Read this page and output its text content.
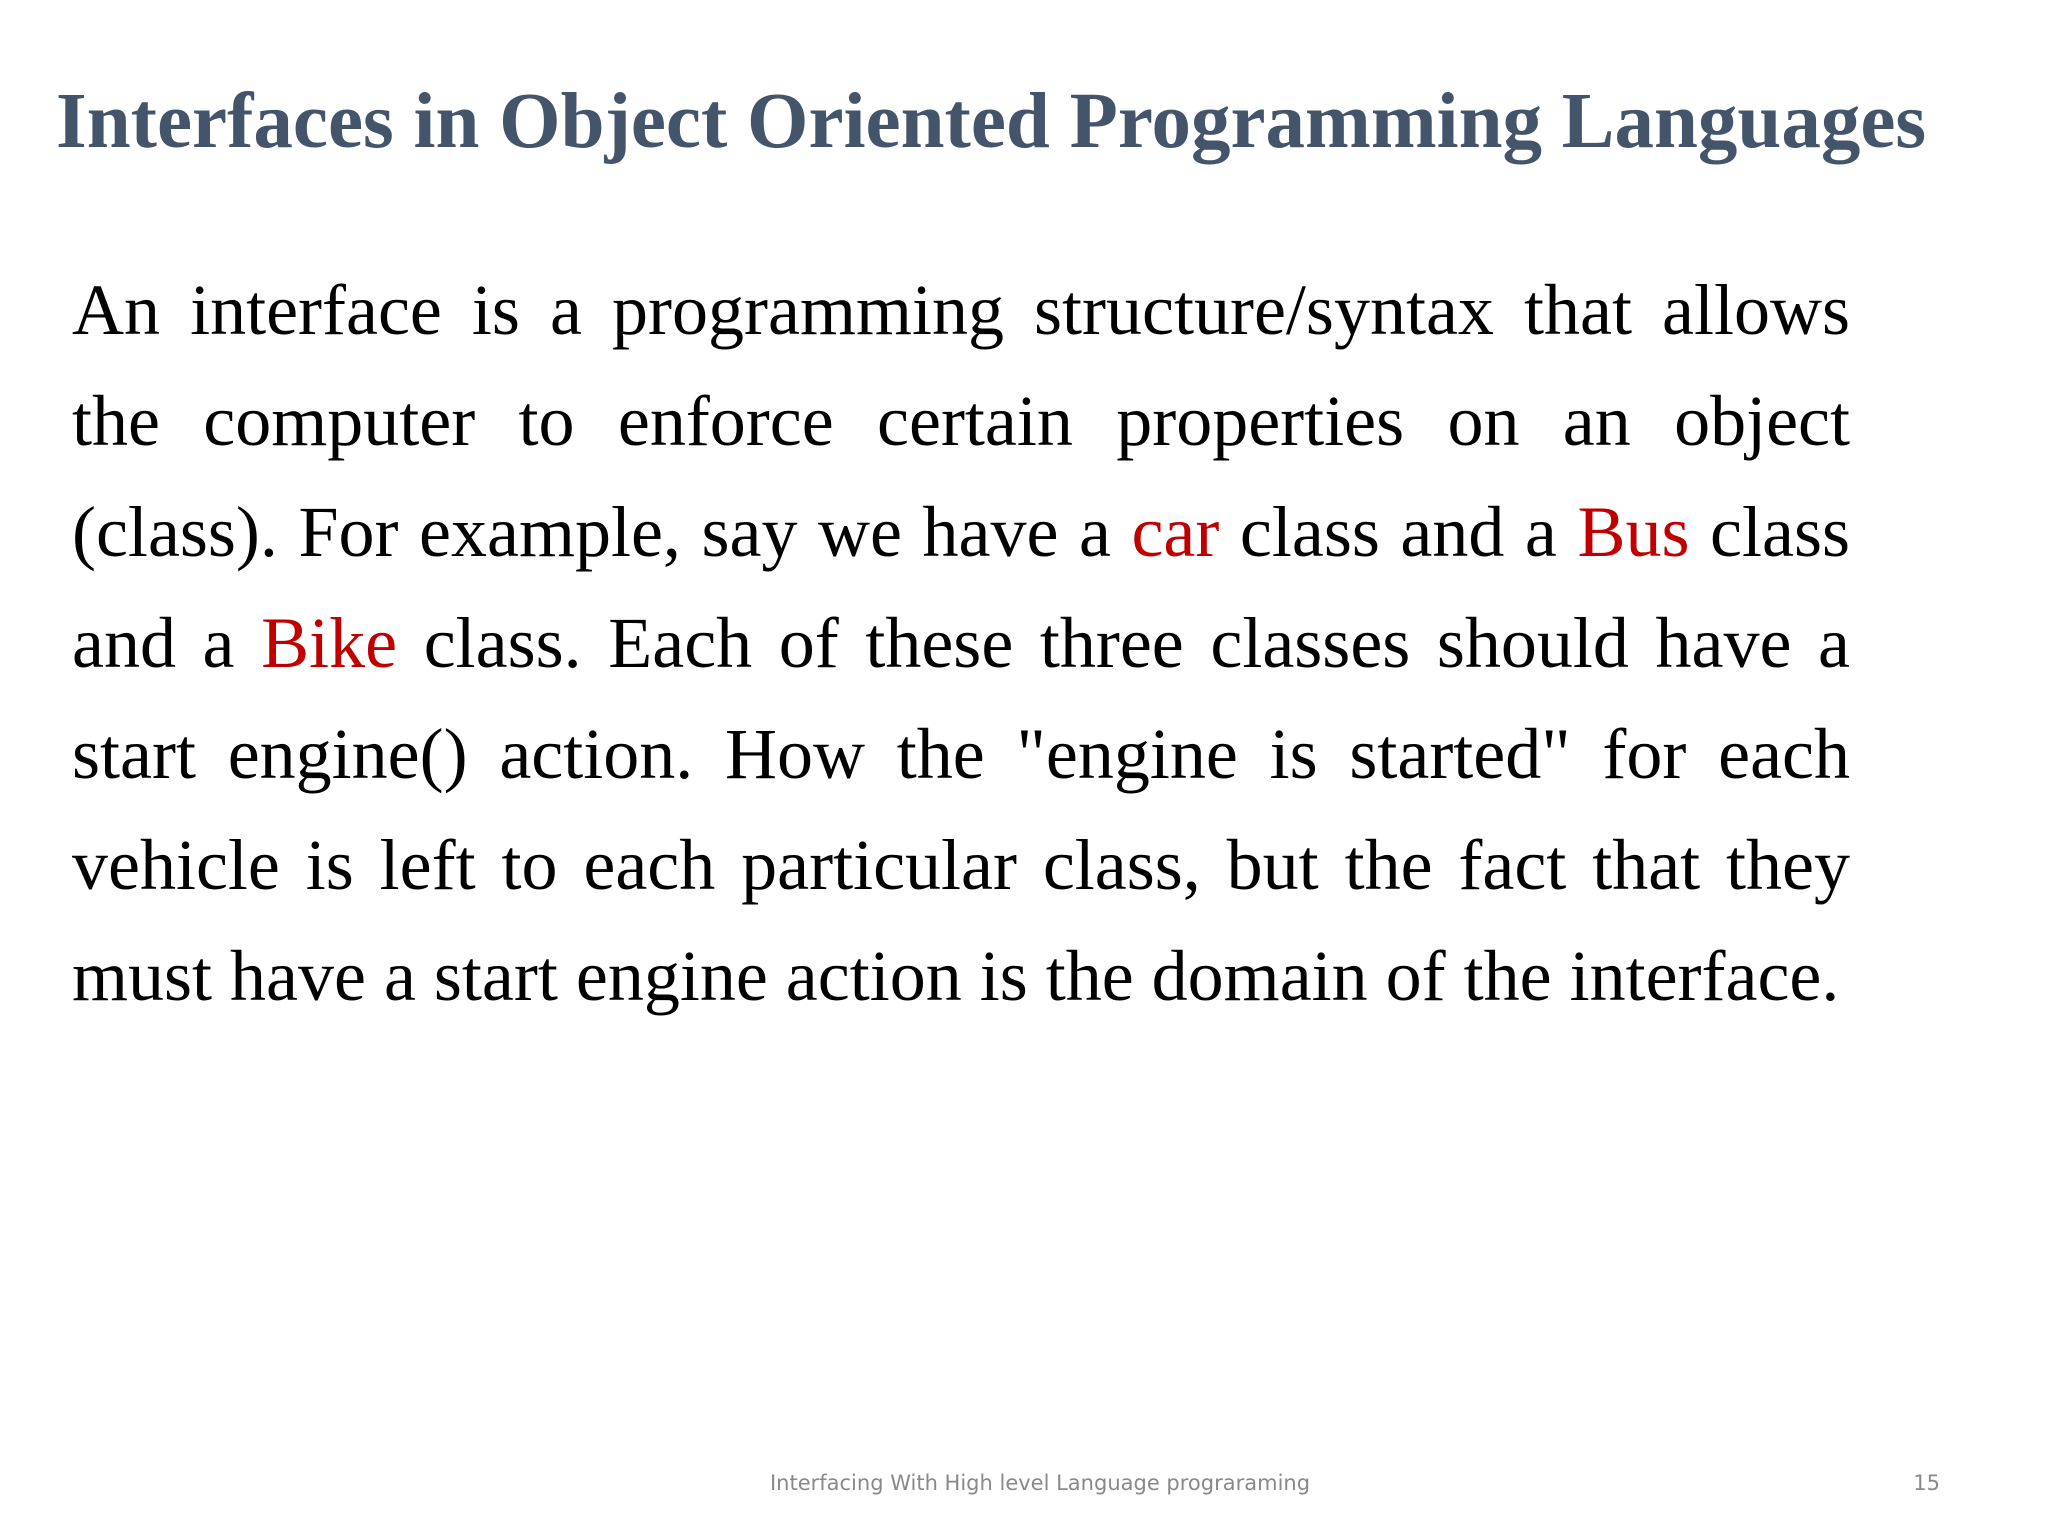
Interfaces in Object Oriented Programming Languages

An interface is a programming structure/syntax that allows the computer to enforce certain properties on an object (class). For example, say we have a car class and a Bus class and a Bike class. Each of these three classes should have a start engine() action. How the "engine is started" for each vehicle is left to each particular class, but the fact that they must have a start engine action is the domain of the interface.

Interfacing With High level Language prograraming	15
